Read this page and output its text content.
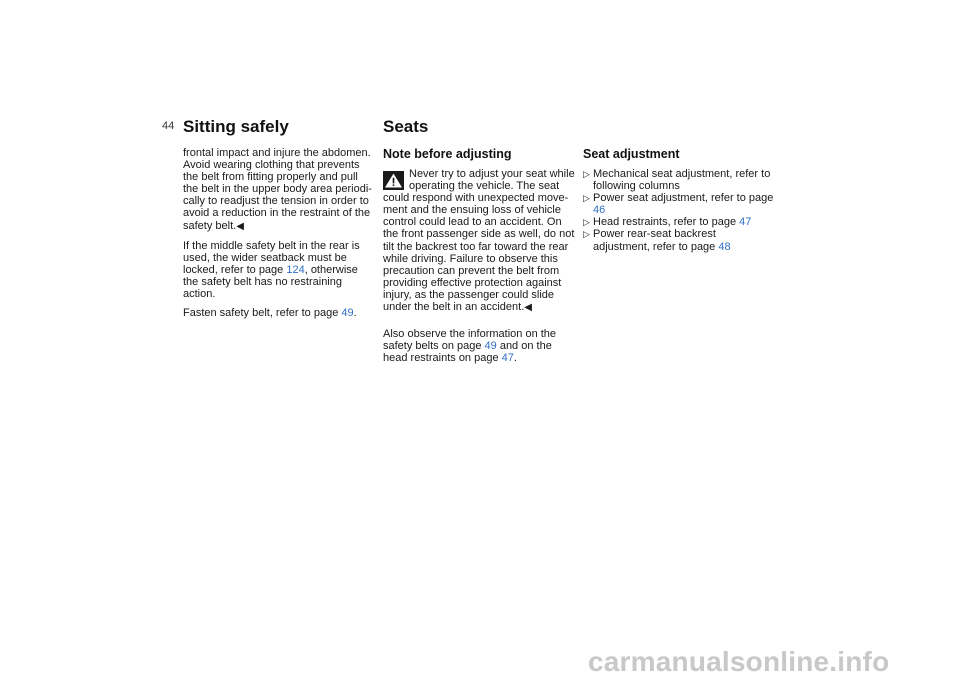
44 Sitting safely	Seats

frontal impact and injure the abdomen. Avoid wearing clothing that prevents the belt from fitting properly and pull the belt in the upper body area periodi-cally to readjust the tension in order to avoid a reduction in the restraint of the safety belt.◀

If the middle safety belt in the rear is used, the wider seatback must be locked, refer to page 124, otherwise the safety belt has no restraining action.

Fasten safety belt, refer to page 49.

Note before adjusting

Never try to adjust your seat while operating the vehicle. The seat could respond with unexpected move-ment and the ensuing loss of vehicle control could lead to an accident. On the front passenger side as well, do not tilt the backrest too far toward the rear while driving. Failure to observe this precaution can prevent the belt from providing effective protection against injury, as the passenger could slide under the belt in an accident.◀

Also observe the information on the safety belts on page 49 and on the head restraints on page 47.

Seat adjustment
▷ Mechanical seat adjustment, refer to following columns
▷ Power seat adjustment, refer to page 46
▷ Head restraints, refer to page 47
▷ Power rear-seat backrest adjustment, refer to page 48
carmanualsonline.info
